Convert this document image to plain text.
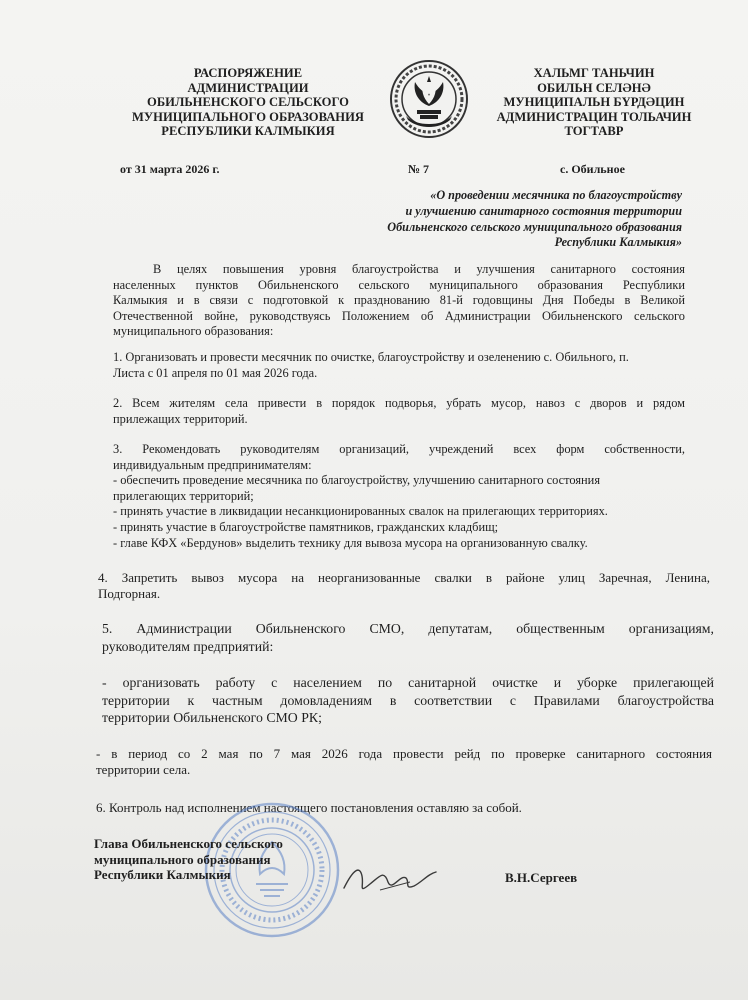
РАСПОРЯЖЕНИЕ
АДМИНИСТРАЦИИ
ОБИЛЬНЕНСКОГО СЕЛЬСКОГО
МУНИЦИПАЛЬНОГО ОБРАЗОВАНИЯ
РЕСПУБЛИКИ КАЛМЫКИЯ
ХАЛЬМГ ТАНЬЧИН
ОБИЛЬН СЕЛӘНӘ
МУНИЦИПАЛЬН БҮРДӘЦИН
АДМИНИСТРАЦИН ТОЛЬАЧИН
ТОГТАВР
от 31 марта 2026 г.	№ 7	с. Обильное
«О проведении месячника по благоустройству
и улучшению санитарного состояния территории
Обильненского сельского муниципального образования
Республики Калмыкия»
В целях повышения уровня благоустройства и улучшения санитарного состояния
населенных пунктов Обильненского сельского муниципального образования Республики
Калмыкия и в связи с подготовкой к празднованию 81-й годовщины Дня Победы в Великой
Отечественной войне, руководствуясь Положением об Администрации Обильненского сельского
муниципального образования:
1. Организовать и провести месячник по очистке, благоустройству и озеленению с. Обильного, п.
Листа с 01 апреля по 01 мая 2026 года.
2. Всем жителям села привести в порядок подворья, убрать мусор, навоз с дворов и рядом
прилежащих территорий.
3. Рекомендовать руководителям организаций, учреждений всех форм собственности,
индивидуальным предпринимателям:
- обеспечить проведение месячника по благоустройству, улучшению санитарного состояния
прилегающих территорий;
- принять участие в ликвидации несанкционированных свалок на прилегающих территориях.
- принять участие в благоустройстве памятников, гражданских кладбищ;
- главе КФХ «Бердунов» выделить технику для вывоза мусора на организованную свалку.
4. Запретить вывоз мусора на неорганизованные свалки в районе улиц Заречная, Ленина,
Подгорная.
5. Администрации Обильненского СМО, депутатам, общественным организациям,
руководителям предприятий:
- организовать работу с населением по санитарной очистке и уборке прилегающей
территории к частным домовладениям в соответствии с Правилами благоустройства
территории Обильненского СМО РК;
- в период со 2 мая по 7 мая 2026 года провести рейд по проверке санитарного состояния
территории села.
6. Контроль над исполнением настоящего постановления оставляю за собой.
Глава Обильненского сельского
муниципального образования
Республики Калмыкия	В.Н.Сергеев
